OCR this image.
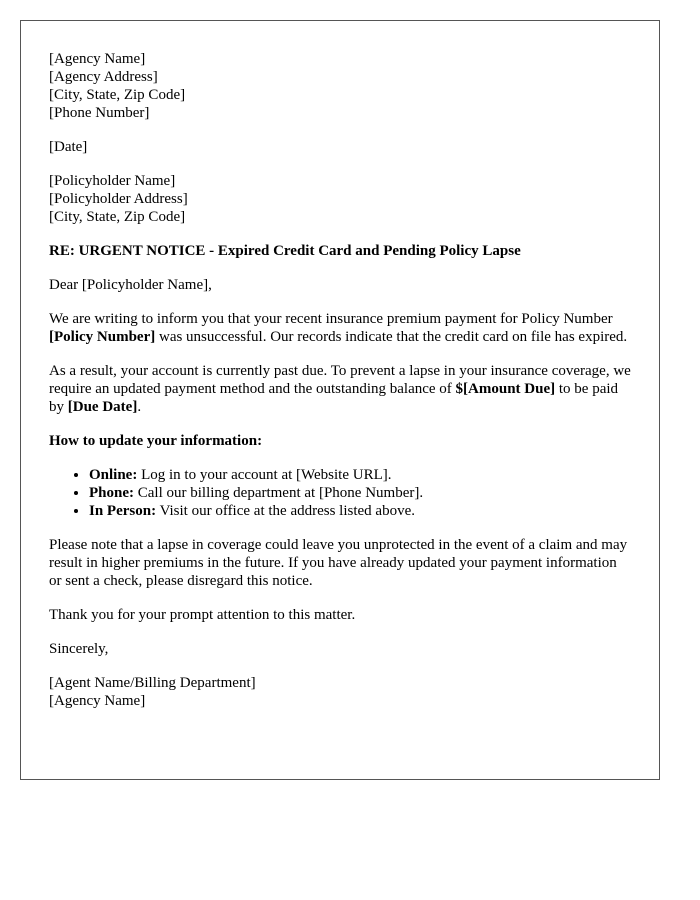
[Agency Name]
[Agency Address]
[City, State, Zip Code]
[Phone Number]
[Date]
[Policyholder Name]
[Policyholder Address]
[City, State, Zip Code]
RE: URGENT NOTICE - Expired Credit Card and Pending Policy Lapse

Dear [Policyholder Name],

We are writing to inform you that your recent insurance premium payment for Policy Number [Policy Number] was unsuccessful. Our records indicate that the credit card on file has expired.

As a result, your account is currently past due. To prevent a lapse in your insurance coverage, we require an updated payment method and the outstanding balance of $[Amount Due] to be paid by [Due Date].

How to update your information:
• Online: Log in to your account at [Website URL].
• Phone: Call our billing department at [Phone Number].
• In Person: Visit our office at the address listed above.

Please note that a lapse in coverage could leave you unprotected in the event of a claim and may result in higher premiums in the future. If you have already updated your payment information or sent a check, please disregard this notice.

Thank you for your prompt attention to this matter.

Sincerely,

[Agent Name/Billing Department]
[Agency Name]
